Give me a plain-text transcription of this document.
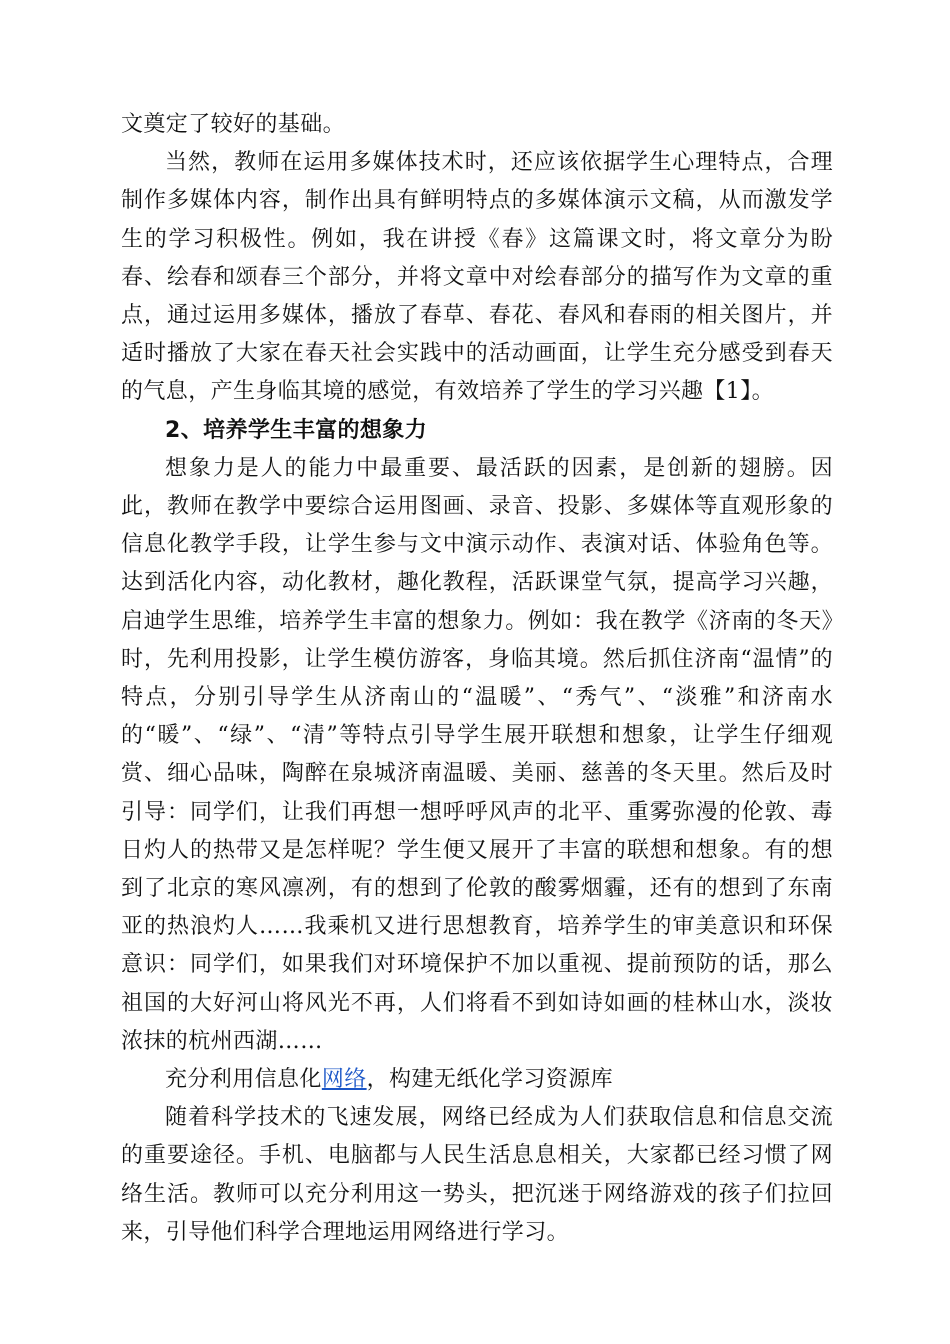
文奠定了较好的基础。

当然，教师在运用多媒体技术时，还应该依据学生心理特点，合理制作多媒体内容，制作出具有鲜明特点的多媒体演示文稿，从而激发学生的学习积极性。例如，我在讲授《春》这篇课文时，将文章分为盼春、绘春和颂春三个部分，并将文章中对绘春部分的描写作为文章的重点，通过运用多媒体，播放了春草、春花、春风和春雨的相关图片，并适时播放了大家在春天社会实践中的活动画面，让学生充分感受到春天的气息，产生身临其境的感觉，有效培养了学生的学习兴趣【1】。

2、培养学生丰富的想象力

想象力是人的能力中最重要、最活跃的因素，是创新的翅膀。因此，教师在教学中要综合运用图画、录音、投影、多媒体等直观形象的信息化教学手段，让学生参与文中演示动作、表演对话、体验角色等。达到活化内容，动化教材，趣化教程，活跃课堂气氛，提高学习兴趣，启迪学生思维，培养学生丰富的想象力。例如：我在教学《济南的冬天》时，先利用投影，让学生模仿游客，身临其境。然后抓住济南“温情”的特点，分别引导学生从济南山的“温暖”、“秀气”、“淡雅”和济南水的“暖”、“绿”、“清”等特点引导学生展开联想和想象，让学生仔细观赏、细心品味，陶醉在泉城济南温暖、美丽、慈善的冬天里。然后及时引导：同学们，让我们再想一想呼呼风声的北平、重雾弥漫的伦敦、毒日灼人的热带又是怎样呢？学生便又展开了丰富的联想和想象。有的想到了北京的寒风凛冽，有的想到了伦敦的酸雾烟霾，还有的想到了东南亚的热浪灼人……我乘机又进行思想教育，培养学生的审美意识和环保意识：同学们，如果我们对环境保护不加以重视、提前预防的话，那么祖国的大好河山将风光不再，人们将看不到如诗如画的桂林山水，淡妆浓抹的杭州西湖……

充分利用信息化网络，构建无纸化学习资源库

随着科学技术的飞速发展，网络已经成为人们获取信息和信息交流的重要途径。手机、电脑都与人民生活息息相关，大家都已经习惯了网络生活。教师可以充分利用这一势头，把沉迷于网络游戏的孩子们拉回来，引导他们科学合理地运用网络进行学习。
